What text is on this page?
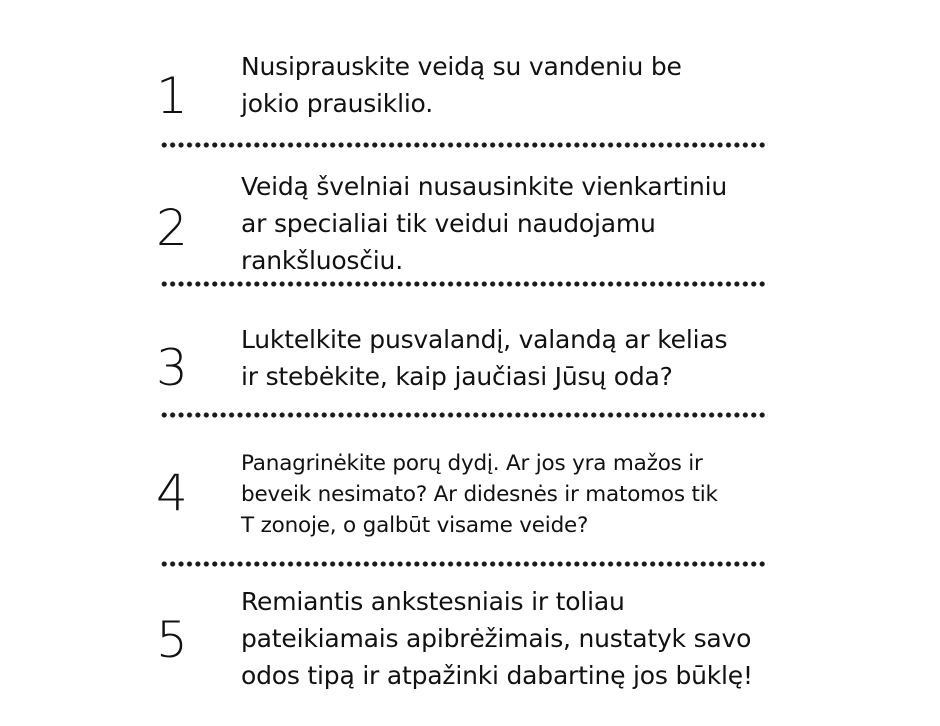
1
Nusiprauskite veidą su vandeniu be
jokio prausiklio.
2
Veidą švelniai nusausinkite vienkartiniu
ar specialiai tik veidui naudojamu
rankšluosčiu.
3	Luktelkite pusvalandį, valandą ar kelias
ir stebėkite, kaip jaučiasi Jūsų oda?
4
Panagrinėkite porų dydį. Ar jos yra mažos ir
beveik nesimato? Ar didesnės ir matomos tik
T zonoje, o galbūt visame veide?
5
Remiantis ankstesniais ir toliau
pateikiamais apibrėžimais, nustatyk savo
odos tipą ir atpažinki dabartinę jos būklę!
